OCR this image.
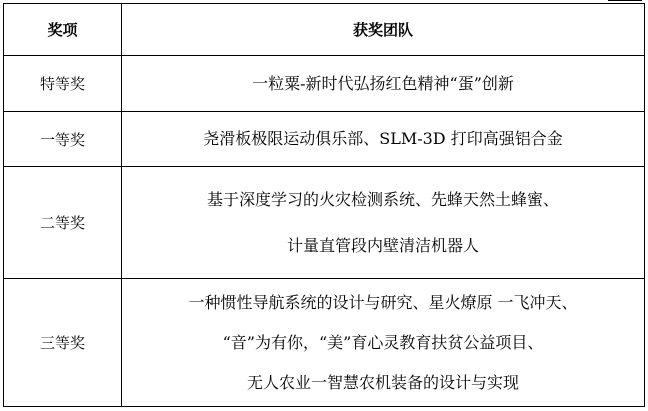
奖项	获奖团队
特等奖	一粒粟-新时代弘扬红色精神“蛋”创新

一等奖	尧滑板极限运动俱乐部、SLM-3D 打印高强铝合金

二等奖	基于深度学习的火灾检测系统、先蜂天然土蜂蜜、
计量直管段内壁清洁机器人

三等奖	一种惯性导航系统的设计与研究、星火燎原 一飞冲天、
“音”为有你，“美”育心灵教育扶贫公益项目、
无人农业一智慧农机装备的设计与实现
